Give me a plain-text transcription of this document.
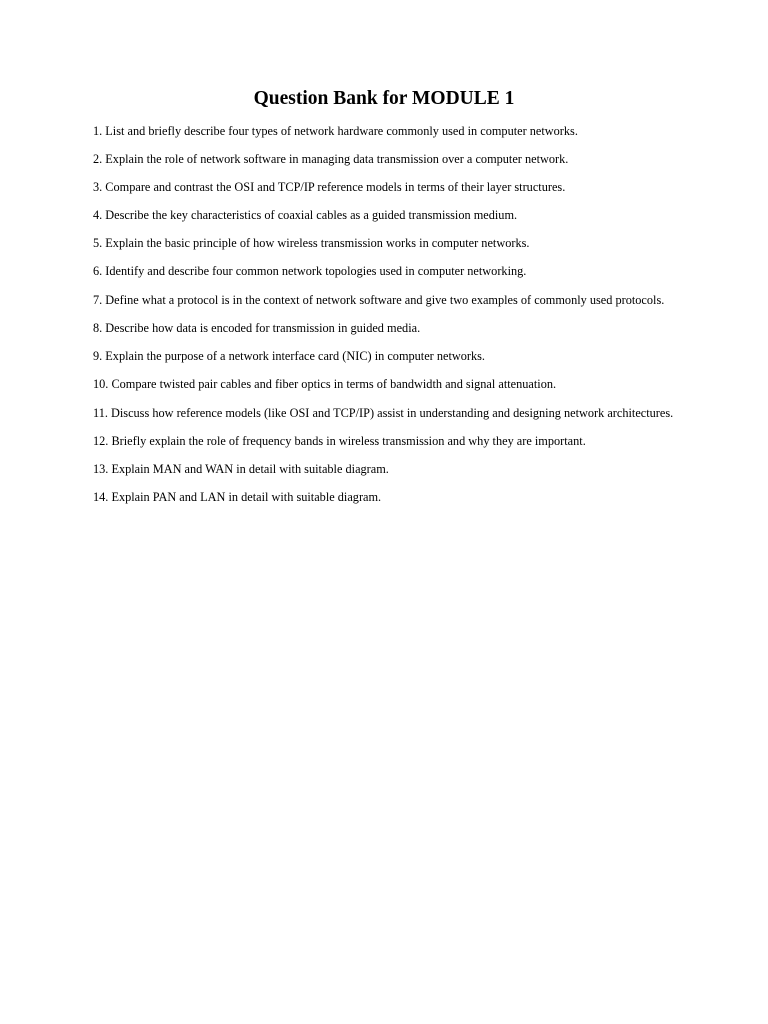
Question Bank for MODULE 1
1. List and briefly describe four types of network hardware commonly used in computer networks.
2. Explain the role of network software in managing data transmission over a computer network.
3. Compare and contrast the OSI and TCP/IP reference models in terms of their layer structures.
4. Describe the key characteristics of coaxial cables as a guided transmission medium.
5. Explain the basic principle of how wireless transmission works in computer networks.
6. Identify and describe four common network topologies used in computer networking.
7. Define what a protocol is in the context of network software and give two examples of commonly used protocols.
8. Describe how data is encoded for transmission in guided media.
9. Explain the purpose of a network interface card (NIC) in computer networks.
10. Compare twisted pair cables and fiber optics in terms of bandwidth and signal attenuation.
11. Discuss how reference models (like OSI and TCP/IP) assist in understanding and designing network architectures.
12. Briefly explain the role of frequency bands in wireless transmission and why they are important.
13. Explain MAN and WAN in detail with suitable diagram.
14. Explain PAN and LAN in detail with suitable diagram.
